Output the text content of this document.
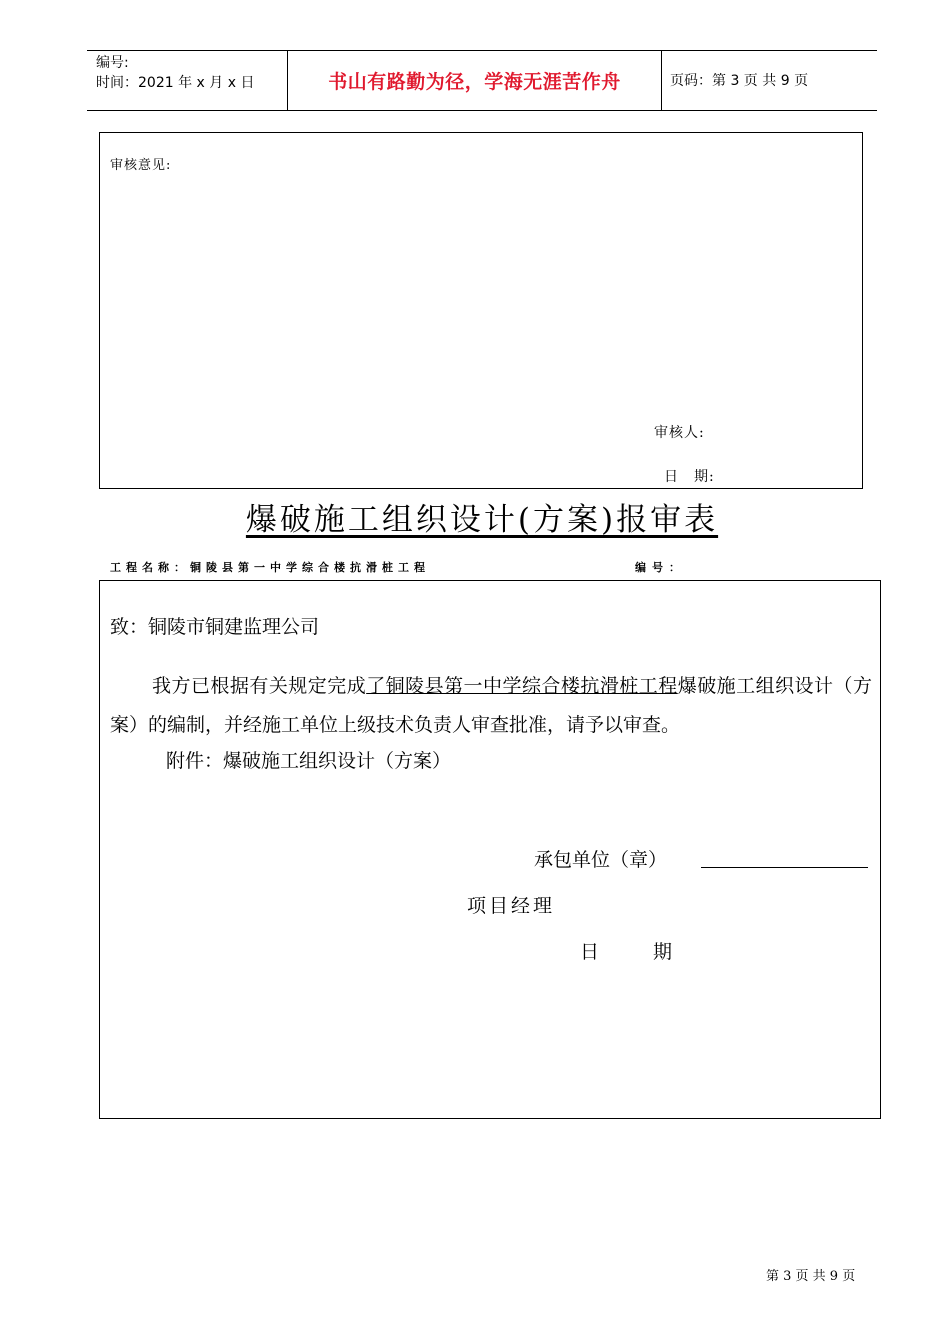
编号:
时间：2021 年 x 月 x 日	书山有路勤为径，学海无涯苦作舟	页码：第 3 页 共 9 页
审核意见:
审核人:
日　期:
爆破施工组织设计(方案)报审表
工程名称：铜陵县第一中学综合楼抗滑桩工程	编号：
致：铜陵市铜建监理公司
我方已根据有关规定完成了铜陵县第一中学综合楼抗滑桩工程爆破施工组织设计（方案）的编制，并经施工单位上级技术负责人审查批准，请予以审查。
附件：爆破施工组织设计（方案）
承包单位（章）
项目经理
日	期
第 3 页 共 9 页
